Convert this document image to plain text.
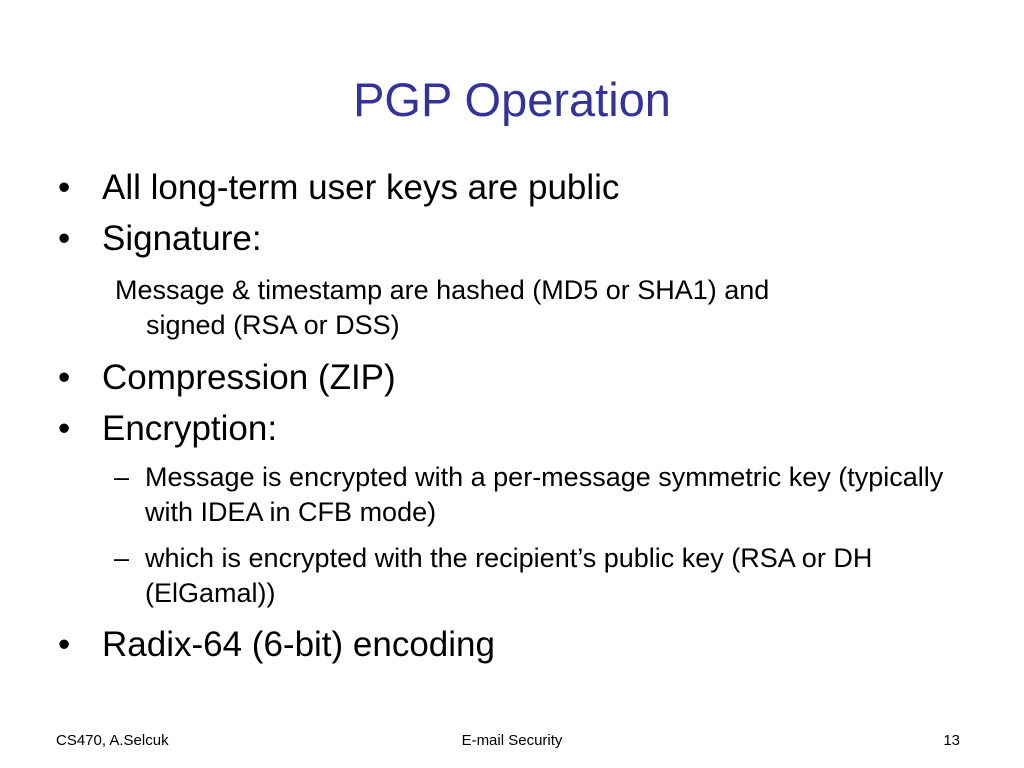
PGP Operation
• All long-term user keys are public
• Signature:
Message & timestamp are hashed (MD5 or SHA1) and
signed (RSA or DSS)
• Compression (ZIP)
• Encryption:
– Message is encrypted with a per-message symmetric key (typically with IDEA in CFB mode)
– which is encrypted with the recipient’s public key (RSA or DH (ElGamal))
• Radix-64 (6-bit) encoding
CS470, A.Selcuk	E-mail Security	13
